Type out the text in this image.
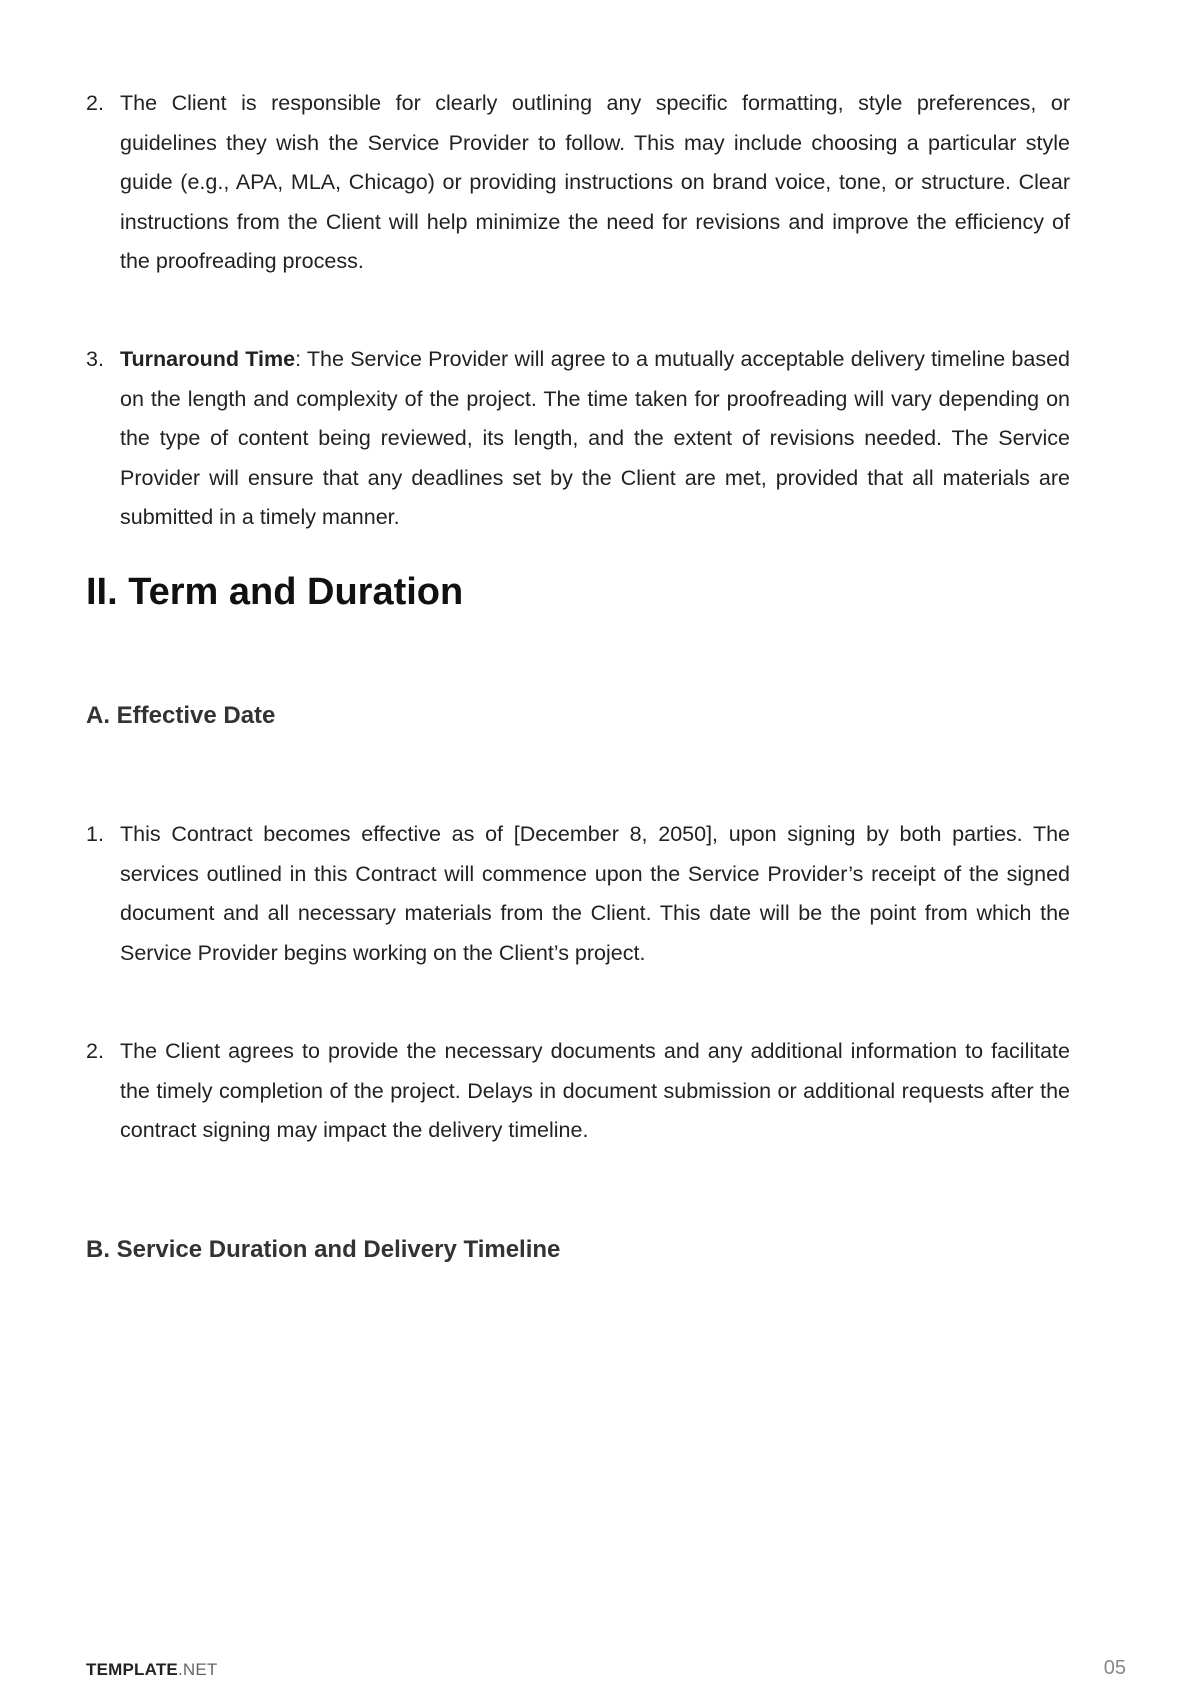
2. The Client is responsible for clearly outlining any specific formatting, style preferences, or guidelines they wish the Service Provider to follow. This may include choosing a particular style guide (e.g., APA, MLA, Chicago) or providing instructions on brand voice, tone, or structure. Clear instructions from the Client will help minimize the need for revisions and improve the efficiency of the proofreading process.
3. Turnaround Time: The Service Provider will agree to a mutually acceptable delivery timeline based on the length and complexity of the project. The time taken for proofreading will vary depending on the type of content being reviewed, its length, and the extent of revisions needed. The Service Provider will ensure that any deadlines set by the Client are met, provided that all materials are submitted in a timely manner.
II. Term and Duration
A. Effective Date
1. This Contract becomes effective as of [December 8, 2050], upon signing by both parties. The services outlined in this Contract will commence upon the Service Provider’s receipt of the signed document and all necessary materials from the Client. This date will be the point from which the Service Provider begins working on the Client’s project.
2. The Client agrees to provide the necessary documents and any additional information to facilitate the timely completion of the project. Delays in document submission or additional requests after the contract signing may impact the delivery timeline.
B. Service Duration and Delivery Timeline
TEMPLATE.NET	05
